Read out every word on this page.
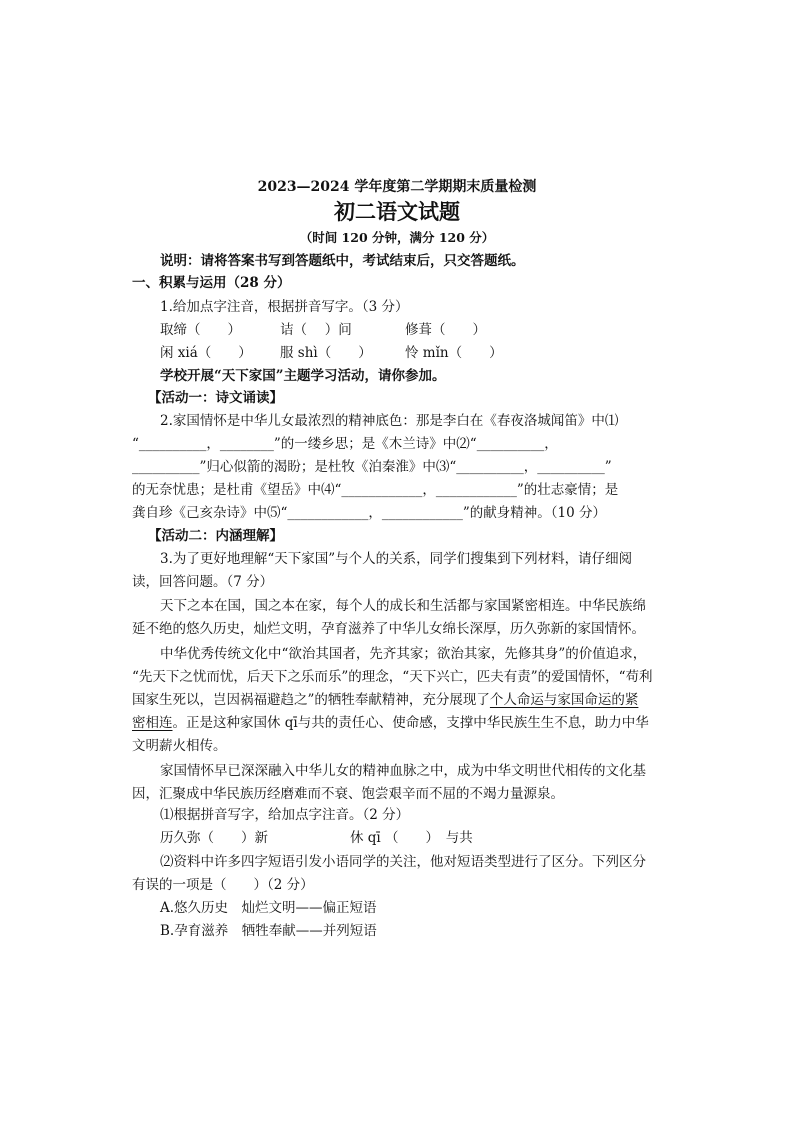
2023—2024 学年度第二学期期末质量检测
初二语文试题
（时间 120 分钟，满分 120 分）
说明：请将答案书写到答题纸中，考试结束后，只交答题纸。
一、积累与运用（28 分）
1.给加点字注音，根据拼音写字。（3 分）
取缔（　　）	诘（　 ）问	修葺（　　）
闲 xiá（　　） 服 shì（　　） 怜 mǐn（　　）
学校开展“天下家国”主题学习活动，请你参加。
【活动一：诗文诵读】
2.家国情怀是中华儿女最浓烈的精神底色：那是李白在《春夜洛城闻笛》中⑴
“__________，________”的一缕乡思；是《木兰诗》中⑵“__________，
__________”归心似箭的渴盼；是杜牧《泊秦淮》中⑶“__________，__________”
的无奈忧患；是杜甫《望岳》中⑷“____________，____________”的壮志豪情；是
龚自珍《己亥杂诗》中⑸“____________，____________”的献身精神。（10 分）
【活动二：内涵理解】
3.为了更好地理解“天下家国”与个人的关系，同学们搜集到下列材料，请仔细阅
读，回答问题。（7 分）
天下之本在国，国之本在家，每个人的成长和生活都与家国紧密相连。中华民族绵
延不绝的悠久历史，灿烂文明，孕育滋养了中华儿女绵长深厚，历久弥新的家国情怀。
中华优秀传统文化中“欲治其国者，先齐其家；欲治其家，先修其身”的价值追求，
“先天下之忧而忧，后天下之乐而乐”的理念，“天下兴亡，匹夫有责”的爱国情怀，“苟利
国家生死以，岂因祸福避趋之”的牺牲奉献精神，充分展现了个人命运与家国命运的紧
密相连。正是这种家国休 qī与共的责任心、使命感，支撑中华民族生生不息，助力中华
文明薪火相传。
家国情怀早已深深融入中华儿女的精神血脉之中，成为中华文明世代相传的文化基
因，汇聚成中华民族历经磨难而不衰、饱尝艰辛而不屈的不竭力量源泉。
⑴根据拼音写字，给加点字注音。（2 分）
历久弥（　　）新	休 qī （　　）　与共
⑵资料中许多四字短语引发小语同学的关注，他对短语类型进行了区分。下列区分
有误的一项是（　　）（2 分）
A.悠久历史　灿烂文明——偏正短语
B.孕育滋养　牺牲奉献——并列短语
